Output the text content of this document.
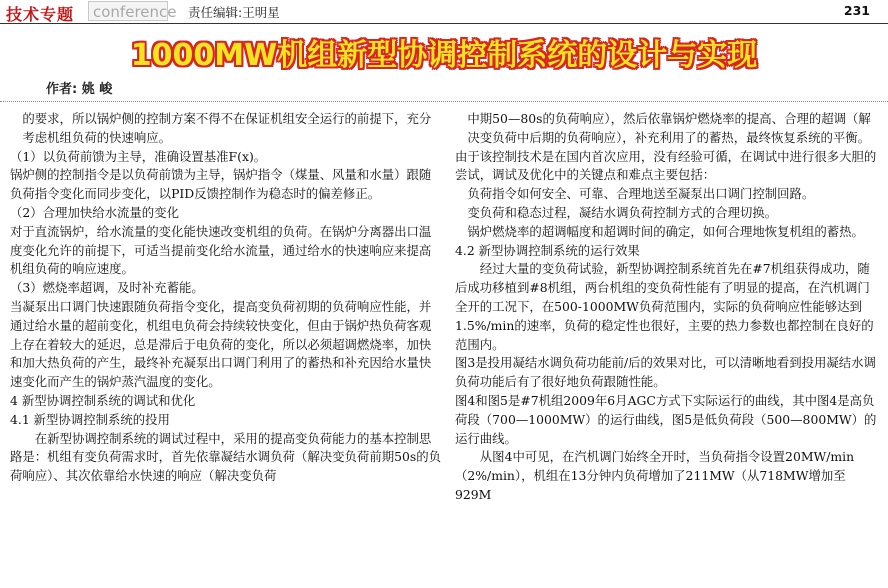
技术专题	conference 责任编辑:王明星	231
1000MW机组新型协调控制系统的设计与实现
作者: 姚 峻

的要求，所以锅炉侧的控制方案不得不在保证机组安全运行的前提下，充分考虑机组负荷的快速响应。

（1）以负荷前馈为主导，准确设置基准F(x)。

锅炉侧的控制指令是以负荷前馈为主导，锅炉指令（煤量、风量和水量）跟随负荷指令变化而同步变化，以PID反馈控制作为稳态时的偏差修正。

（2）合理加快给水流量的变化

对于直流锅炉，给水流量的变化能快速改变机组的负荷。在锅炉分离器出口温度变化允许的前提下，可适当提前变化给水流量，通过给水的快速响应来提高机组负荷的响应速度。

（3）燃烧率超调，及时补充蓄能。

当凝泵出口调门快速跟随负荷指令变化，提高变负荷初期的负荷响应性能，并通过给水量的超前变化，机组电负荷会持续较快变化，但由于锅炉热负荷客观上存在着较大的延迟，总是滞后于电负荷的变化，所以必须超调燃烧率，加快和加大热负荷的产生，最终补充凝泵出口调门利用了的蓄热和补充因给水量快速变化而产生的锅炉蒸汽温度的变化。

4 新型协调控制系统的调试和优化

4.1 新型协调控制系统的投用

在新型协调控制系统的调试过程中，采用的提高变负荷能力的基本控制思路是：机组有变负荷需求时，首先依靠凝结水调负荷（解决变负荷前期50s的负荷响应）、其次依靠给水快速的响应（解决变负荷

中期50—80s的负荷响应），然后依靠锅炉燃烧率的提高、合理的超调（解决变负荷中后期的负荷响应），补充利用了的蓄热，最终恢复系统的平衡。

由于该控制技术是在国内首次应用，没有经验可循，在调试中进行很多大胆的尝试，调试及优化中的关键点和难点主要包括：

负荷指令如何安全、可靠、合理地送至凝泵出口调门控制回路。

变负荷和稳态过程，凝结水调负荷控制方式的合理切换。

锅炉燃烧率的超调幅度和超调时间的确定，如何合理地恢复机组的蓄热。

4.2 新型协调控制系统的运行效果

经过大量的变负荷试验，新型协调控制系统首先在#7机组获得成功，随后成功移植到#8机组，两台机组的变负荷性能有了明显的提高，在汽机调门全开的工况下，在500-1000MW负荷范围内，实际的负荷响应性能够达到1.5%/min的速率，负荷的稳定性也很好，主要的热力参数也都控制在良好的范围内。

图3是投用凝结水调负荷功能前/后的效果对比，可以清晰地看到投用凝结水调负荷功能后有了很好地负荷跟随性能。

图4和图5是#7机组2009年6月AGC方式下实际运行的曲线，其中图4是高负荷段（700—1000MW）的运行曲线，图5是低负荷段（500—800MW）的运行曲线。

从图4中可见，在汽机调门始终全开时，当负荷指令设置20MW/min（2%/min），机组在13分钟内负荷增加了211MW（从718MW增加至929M
